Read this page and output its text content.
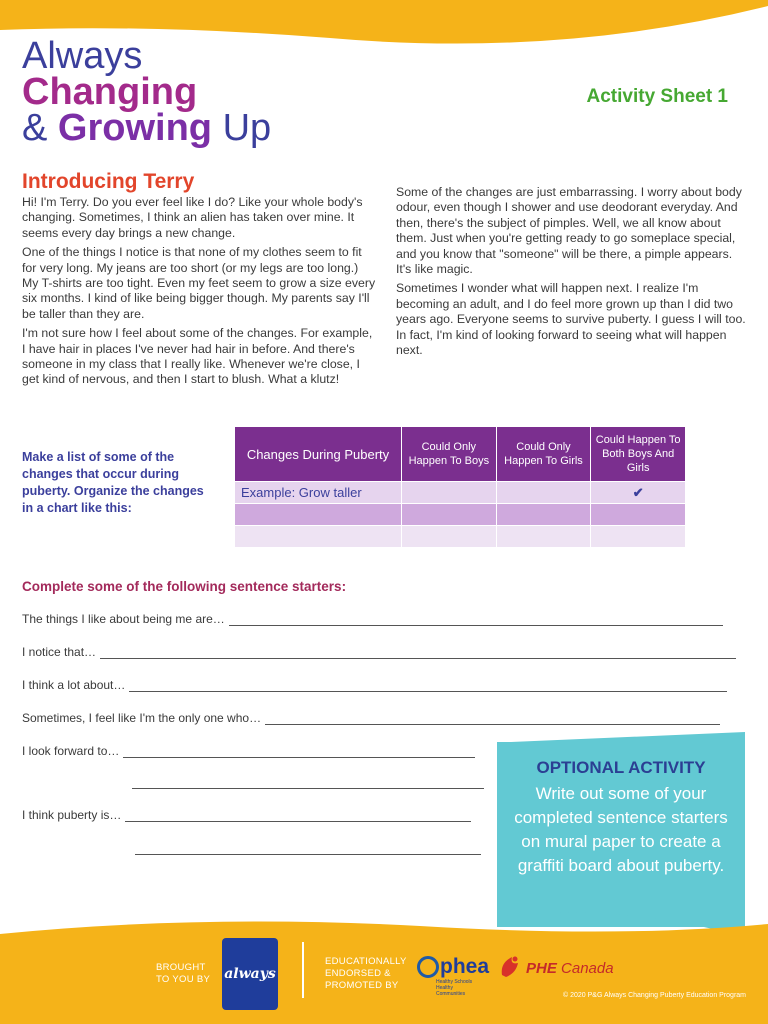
Always
Changing
& Growing Up
Activity Sheet 1
Introducing Terry

Hi! I'm Terry. Do you ever feel like I do? Like your whole body's changing. Sometimes, I think an alien has taken over mine. It seems every day brings a new change.

One of the things I notice is that none of my clothes seem to fit for very long. My jeans are too short (or my legs are too long.) My T-shirts are too tight. Even my feet seem to grow a size every six months. I kind of like being bigger though. My parents say I'll be taller than they are.

I'm not sure how I feel about some of the changes. For example, I have hair in places I've never had hair in before. And there's someone in my class that I really like. Whenever we're close, I get kind of nervous, and then I start to blush. What a klutz!

Some of the changes are just embarrassing. I worry about body odour, even though I shower and use deodorant everyday. And then, there's the subject of pimples. Well, we all know about them. Just when you're getting ready to go someplace special, and you know that "someone" will be there, a pimple appears. It's like magic.

Sometimes I wonder what will happen next. I realize I'm becoming an adult, and I do feel more grown up than I did two years ago. Everyone seems to survive puberty. I guess I will too. In fact, I'm kind of looking forward to seeing what will happen next.

Make a list of some of the changes that occur during puberty. Organize the changes in a chart like this:
Changes During Puberty	Could Only Happen To Boys	Could Only Happen To Girls	Could Happen To Both Boys And Girls
Example: Grow taller			✔

Complete some of the following sentence starters:
The things I like about being me are…
I notice that…
I think a lot about…
Sometimes, I feel like I'm the only one who…
I look forward to…
I think puberty is…
OPTIONAL ACTIVITY
Write out some of your completed sentence starters on mural paper to create a graffiti board about puberty.
BROUGHT TO YOU BY	always
EDUCATIONALLY ENDORSED & PROMOTED BY
phea
Healthy Schools Healthy Communities
PHE Canada
© 2020 P&G Always Changing Puberty Education Program
